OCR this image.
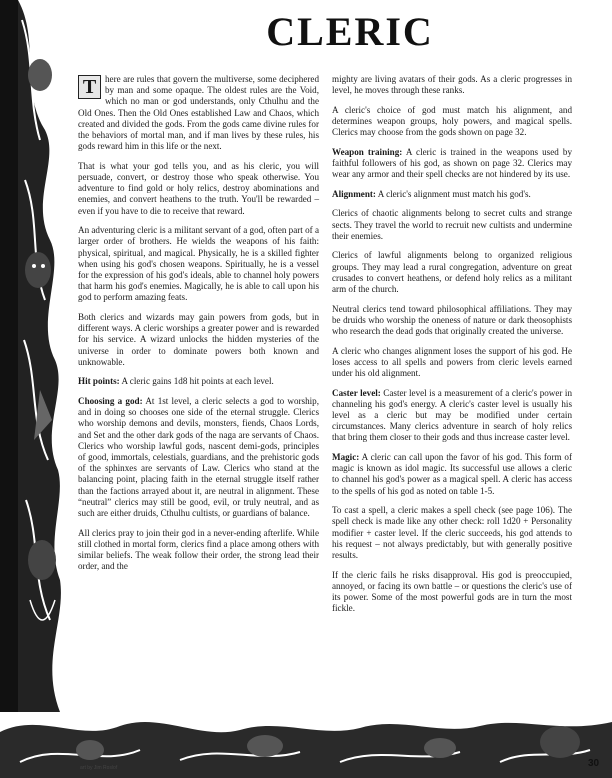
CLERIC

T here are rules that govern the multiverse, some deciphered by man and some opaque. The oldest rules are the Void, which no man or god understands, only Cthulhu and the Old Ones. Then the Old Ones established Law and Chaos, which created and divided the gods. From the gods came divine rules for the behaviors of mortal man, and if man lives by these rules, his gods reward him in this life or the next.

That is what your god tells you, and as his cleric, you will persuade, convert, or destroy those who speak otherwise. You adventure to find gold or holy relics, destroy abominations and enemies, and convert heathens to the truth. You'll be rewarded – even if you have to die to receive that reward.

An adventuring cleric is a militant servant of a god, often part of a larger order of brothers. He wields the weapons of his faith: physical, spiritual, and magical. Physically, he is a skilled fighter when using his god's chosen weapons. Spiritually, he is a vessel for the expression of his god's ideals, able to channel holy powers that harm his god's enemies. Magically, he is able to call upon his god to perform amazing feats.

Both clerics and wizards may gain powers from gods, but in different ways. A cleric worships a greater power and is rewarded for his service. A wizard unlocks the hidden mysteries of the universe in order to dominate powers both known and unknowable.

Hit points: A cleric gains 1d8 hit points at each level.

Choosing a god: At 1st level, a cleric selects a god to worship, and in doing so chooses one side of the eternal struggle. Clerics who worship demons and devils, monsters, fiends, Chaos Lords, and Set and the other dark gods of the naga are servants of Chaos. Clerics who worship lawful gods, nascent demi-gods, principles of good, immortals, celestials, guardians, and the prehistoric gods of the sphinxes are servants of Law. Clerics who stand at the balancing point, placing faith in the eternal struggle itself rather than the factions arrayed about it, are neutral in alignment. These “neutral” clerics may still be good, evil, or truly neutral, and as such are either druids, Cthulhu cultists, or guardians of balance.

All clerics pray to join their god in a never-ending afterlife. While still clothed in mortal form, clerics find a place among others with similar beliefs. The weak follow their order, the strong lead their order, and the

mighty are living avatars of their gods. As a cleric progresses in level, he moves through these ranks.

A cleric's choice of god must match his alignment, and determines weapon groups, holy powers, and magical spells. Clerics may choose from the gods shown on page 32.

Weapon training: A cleric is trained in the weapons used by faithful followers of his god, as shown on page 32. Clerics may wear any armor and their spell checks are not hindered by its use.

Alignment: A cleric's alignment must match his god's.

Clerics of chaotic alignments belong to secret cults and strange sects. They travel the world to recruit new cultists and undermine their enemies.

Clerics of lawful alignments belong to organized religious groups. They may lead a rural congregation, adventure on great crusades to convert heathens, or defend holy relics as a militant arm of the church.

Neutral clerics tend toward philosophical affiliations. They may be druids who worship the oneness of nature or dark theosophists who research the dead gods that originally created the universe.

A cleric who changes alignment loses the support of his god. He loses access to all spells and powers from cleric levels earned under his old alignment.

Caster level: Caster level is a measurement of a cleric's power in channeling his god's energy. A cleric's caster level is usually his level as a cleric but may be modified under certain circumstances. Many clerics adventure in search of holy relics that bring them closer to their gods and thus increase caster level.

Magic: A cleric can call upon the favor of his god. This form of magic is known as idol magic. Its successful use allows a cleric to channel his god's power as a magical spell. A cleric has access to the spells of his god as noted on table 1-5.

To cast a spell, a cleric makes a spell check (see page 106). The spell check is made like any other check: roll 1d20 + Personality modifier + caster level. If the cleric succeeds, his god attends to his request – not always predictably, but with generally positive results.

If the cleric fails he risks disapproval. His god is preoccupied, annoyed, or facing its own battle – or questions the cleric's use of its power. Some of the most powerful gods are in turn the most fickle.

art by Jim Roslof	30
